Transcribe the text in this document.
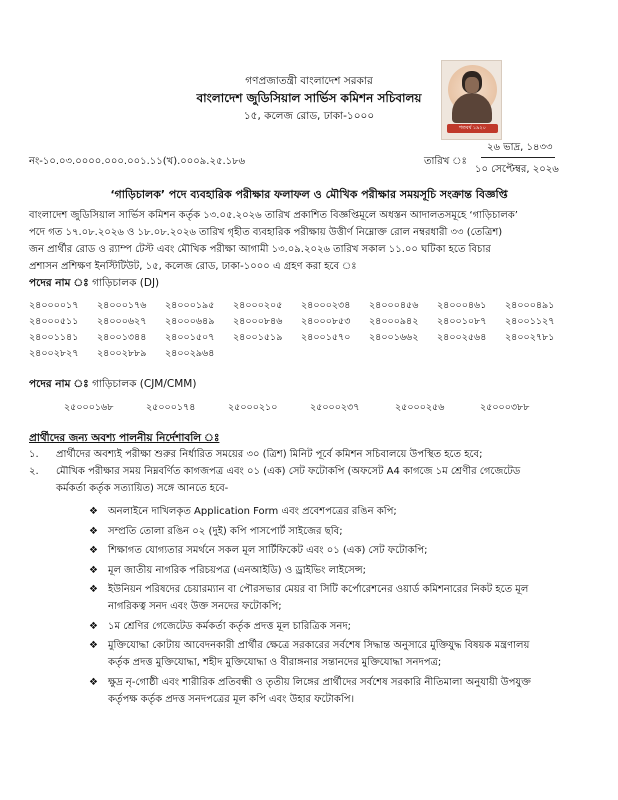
গণপ্রজাতন্ত্রী বাংলাদেশ সরকার
বাংলাদেশ জুডিসিয়াল সার্ভিস কমিশন সচিবালয়
১৫, কলেজ রোড, ঢাকা-১০০০
শতবর্ষ ১৯২০
নং-১০.০৩.০০০০.০০০.০০১.১১(খ).০০০৯.২৫.১৮৬	তারিখ ঃ
২৬ ভাদ্র, ১৪৩৩
১০ সেপ্টেম্বর, ২০২৬
‘গাড়িচালক’ পদে ব্যবহারিক পরীক্ষার ফলাফল ও মৌখিক পরীক্ষার সময়সূচি সংক্রান্ত বিজ্ঞপ্তি
বাংলাদেশ জুডিসিয়াল সার্ভিস কমিশন কর্তৃক ১৩.০৫.২০২৬ তারিখ প্রকাশিত বিজ্ঞপ্তিমূলে অধস্তন আদালতসমূহে ‘গাড়িচালক’
পদে গত ১৭.০৮.২০২৬ ও ১৮.০৮.২০২৬ তারিখ গৃহীত ব্যবহারিক পরীক্ষায় উত্তীর্ণ নিম্নোক্ত রোল নম্বরধারী ৩৩ (তেত্রিশ)
জন প্রার্থীর রোড ও র‌্যাম্প টেস্ট এবং মৌখিক পরীক্ষা আগামী ১৩.০৯.২০২৬ তারিখ সকাল ১১.০০ ঘটিকা হতে বিচার
প্রশাসন প্রশিক্ষণ ইনস্টিটিউট, ১৫, কলেজ রোড, ঢাকা-১০০০ এ গ্রহণ করা হবে ঃ
পদের নাম ঃ গাড়িচালক (DJ)
২৪০০০০১৭ ২৪০০০১৭৬ ২৪০০০১৯৫ ২৪০০০২০৫ ২৪০০০২৩৪ ২৪০০০৪৫৬ ২৪০০০৪৬১ ২৪০০০৪৯১
২৪০০০৫১১ ২৪০০০৬২৭ ২৪০০০৬৪৯ ২৪০০০৮৪৬ ২৪০০০৮৫৩ ২৪০০০৯৪২ ২৪০০১০৮৭ ২৪০০১১২৭
২৪০০১১৪১ ২৪০০১৩৪৪ ২৪০০১৫০৭ ২৪০০১৫১৯ ২৪০০১৫৭০ ২৪০০১৬৬২ ২৪০০২৫৬৪ ২৪০০২৭৮১
২৪০০২৮২৭ ২৪০০২৮৮৯ ২৪০০২৯৬৪
পদের নাম ঃ গাড়িচালক (CJM/CMM)
২৫০০০১৬৮	২৫০০০১৭৪	২৫০০০২১০	২৫০০০২৩৭	২৫০০০২৫৬	২৫০০০৩৮৮
প্রার্থীদের জন্য অবশ্য পালনীয় নির্দেশাবলি ঃ
১. প্রার্থীদের অবশ্যই পরীক্ষা শুরুর নির্ধারিত সময়ের ৩০ (ত্রিশ) মিনিট পূর্বে কমিশন সচিবালয়ে উপস্থিত হতে হবে;
২. মৌখিক পরীক্ষার সময় নিম্নবর্ণিত কাগজপত্র এবং ০১ (এক) সেট ফটোকপি (অফসেট A4 কাগজে ১ম শ্রেণীর গেজেটেড
কর্মকর্তা কর্তৃক সত্যায়িত) সঙ্গে আনতে হবে-
❖ অনলাইনে দাখিলকৃত Application Form এবং প্রবেশপত্রের রঙিন কপি;
❖ সম্প্রতি তোলা রঙিন ০২ (দুই) কপি পাসপোর্ট সাইজের ছবি;
❖ শিক্ষাগত যোগ্যতার সমর্থনে সকল মূল সার্টিফিকেট এবং ০১ (এক) সেট ফটোকপি;
❖ মূল জাতীয় নাগরিক পরিচয়পত্র (এনআইডি) ও ড্রাইভিং লাইসেন্স;
❖ ইউনিয়ন পরিষদের চেয়ারম্যান বা পৌরসভার মেয়র বা সিটি কর্পোরেশনের ওয়ার্ড কমিশনারের নিকট হতে মূল
নাগরিকত্ব সনদ এবং উক্ত সনদের ফটোকপি;
❖ ১ম শ্রেণির গেজেটেড কর্মকর্তা কর্তৃক প্রদত্ত মূল চারিত্রিক সনদ;
❖ মুক্তিযোদ্ধা কোটায় আবেদনকারী প্রার্থীর ক্ষেত্রে সরকারের সর্বশেষ সিদ্ধান্ত অনুসারে মুক্তিযুদ্ধ বিষয়ক মন্ত্রণালয়
কর্তৃক প্রদত্ত মুক্তিযোদ্ধা, শহীদ মুক্তিযোদ্ধা ও বীরাঙ্গনার সন্তানদের মুক্তিযোদ্ধা সনদপত্র;
❖ ক্ষুদ্র নৃ-গোষ্ঠী এবং শারীরিক প্রতিবন্ধী ও তৃতীয় লিঙ্গের প্রার্থীদের সর্বশেষ সরকারি নীতিমালা অনুযায়ী উপযুক্ত
কর্তৃপক্ষ কর্তৃক প্রদত্ত সনদপত্রের মূল কপি এবং উহার ফটোকপি।
